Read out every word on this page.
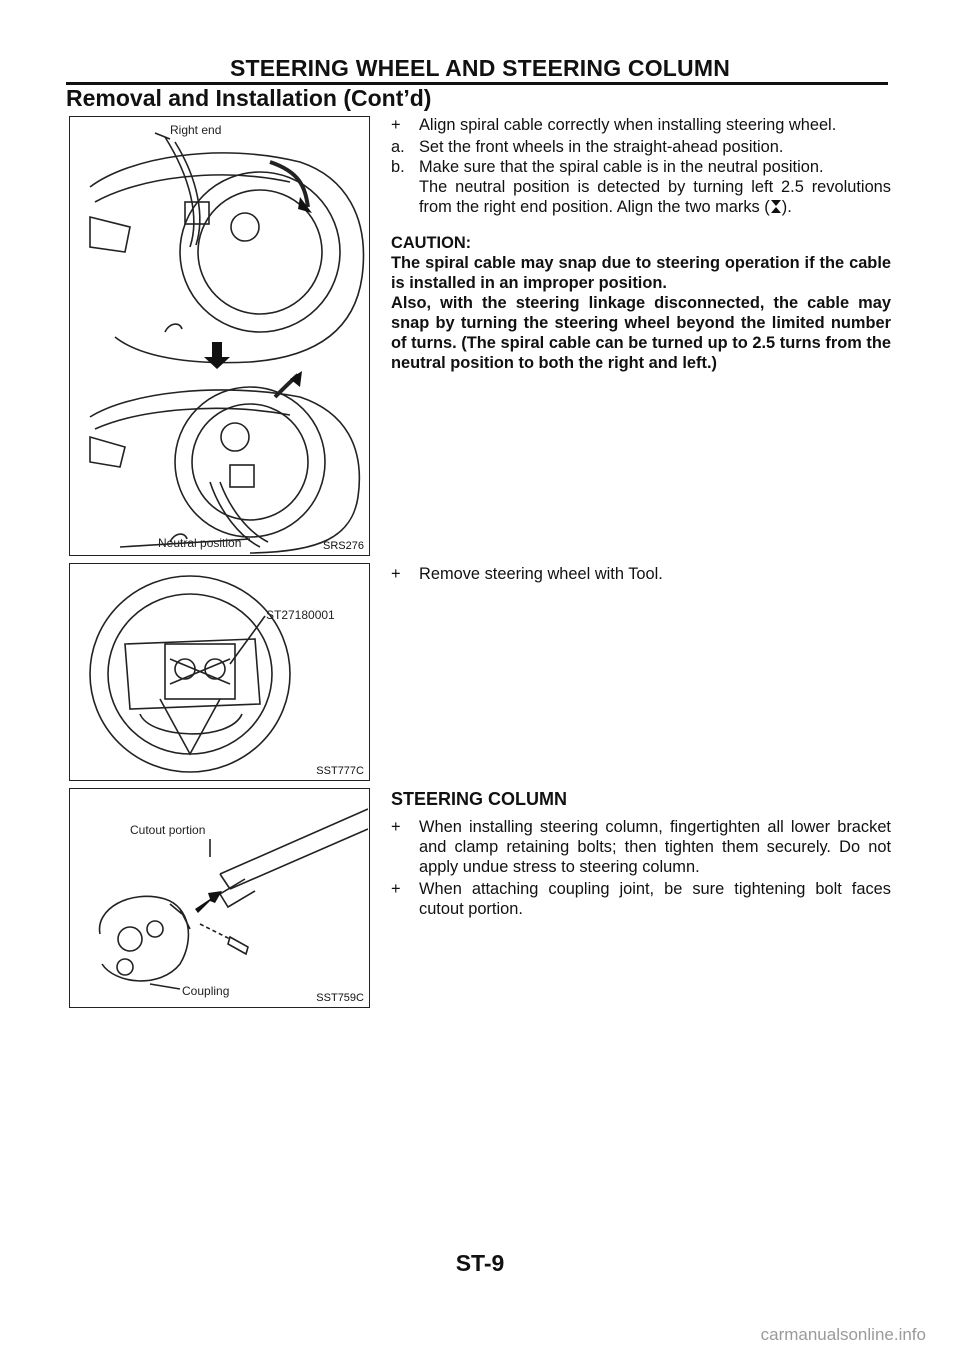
STEERING WHEEL AND STEERING COLUMN
Removal and Installation (Cont’d)
Right end
Neutral position	SRS276
ST27180001
SST777C
Cutout portion
Coupling	SST759C
+ Align spiral cable correctly when installing steering wheel.
a. Set the front wheels in the straight-ahead position.
b. Make sure that the spiral cable is in the neutral position.
The neutral position is detected by turning left 2.5 revolutions from the right end position. Align the two marks ( ).
CAUTION:
The spiral cable may snap due to steering operation if the cable is installed in an improper position.
Also, with the steering linkage disconnected, the cable may snap by turning the steering wheel beyond the limited number of turns. (The spiral cable can be turned up to 2.5 turns from the neutral position to both the right and left.)
+ Remove steering wheel with Tool.
STEERING COLUMN
+ When installing steering column, fingertighten all lower bracket and clamp retaining bolts; then tighten them securely. Do not apply undue stress to steering column.
+ When attaching coupling joint, be sure tightening bolt faces cutout portion.
ST-9
carmanualsonline.info
